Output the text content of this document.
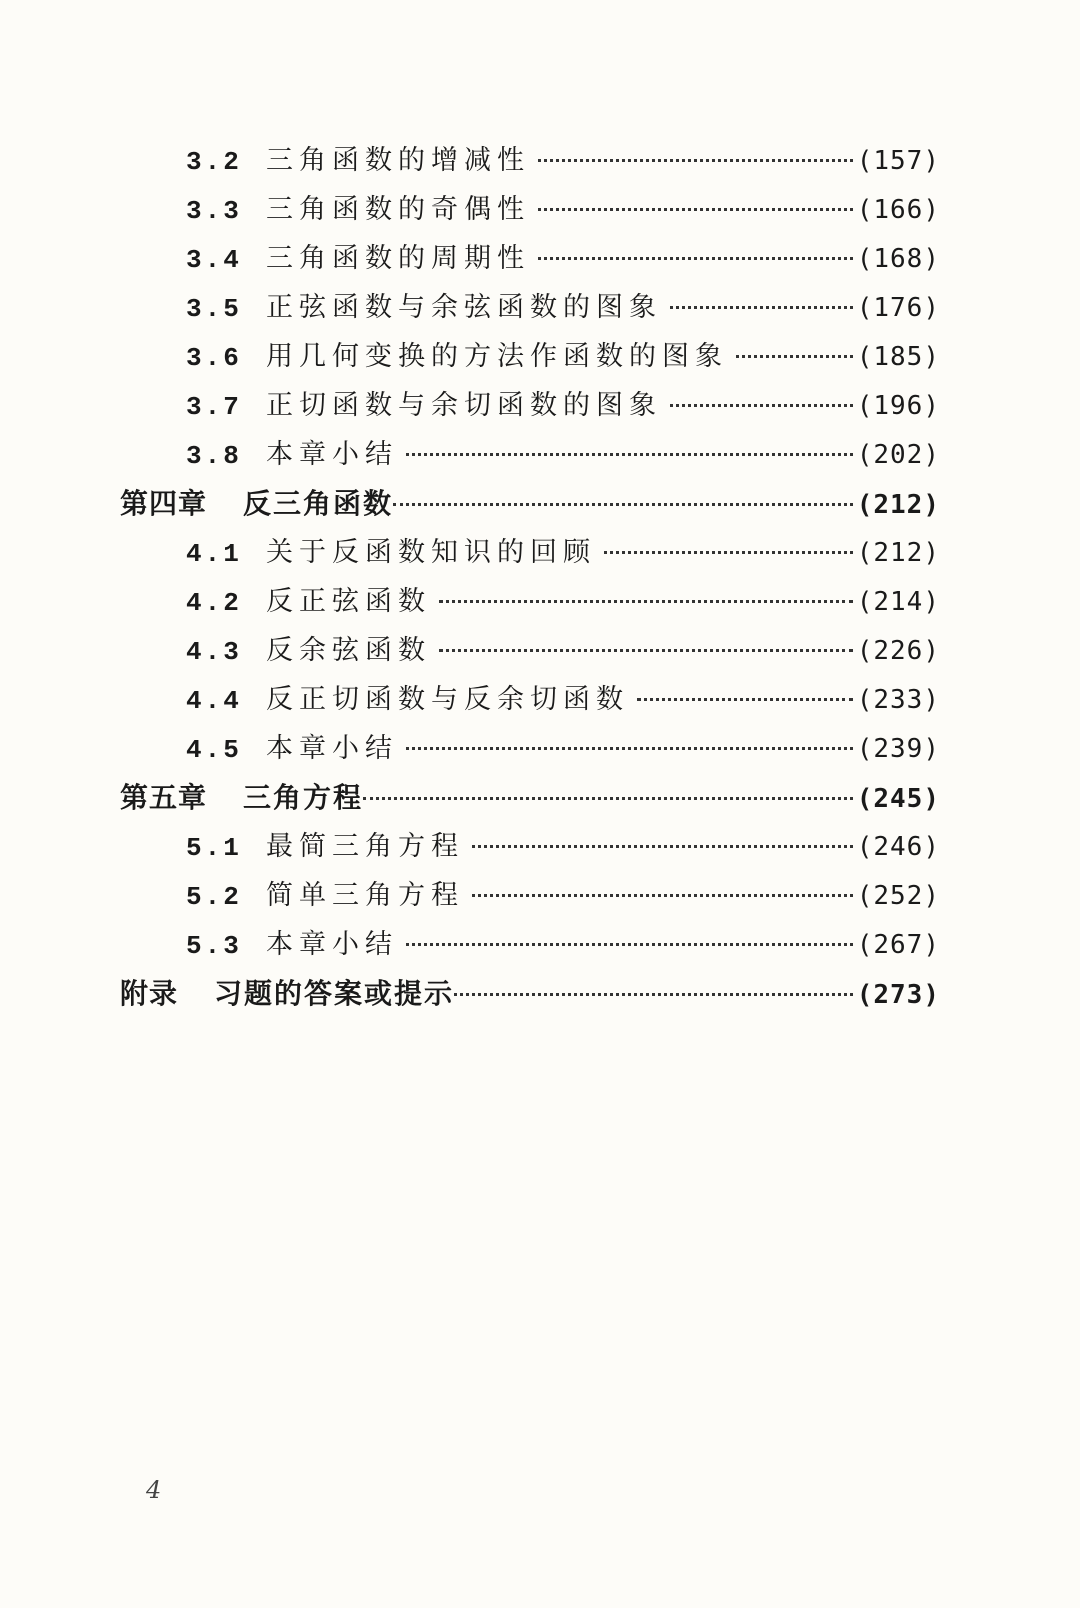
3.2 三角函数的增减性	(157)
3.3 三角函数的奇偶性	(166)
3.4 三角函数的周期性	(168)
3.5 正弦函数与余弦函数的图象	(176)
3.6 用几何变换的方法作函数的图象	(185)
3.7 正切函数与余切函数的图象	(196)
3.8 本章小结	(202)
第四章 反三角函数	(212)
4.1 关于反函数知识的回顾	(212)
4.2 反正弦函数	(214)
4.3 反余弦函数	(226)
4.4 反正切函数与反余切函数	(233)
4.5 本章小结	(239)
第五章 三角方程	(245)
5.1 最简三角方程	(246)
5.2 简单三角方程	(252)
5.3 本章小结	(267)
附录 习题的答案或提示	(273)
4
